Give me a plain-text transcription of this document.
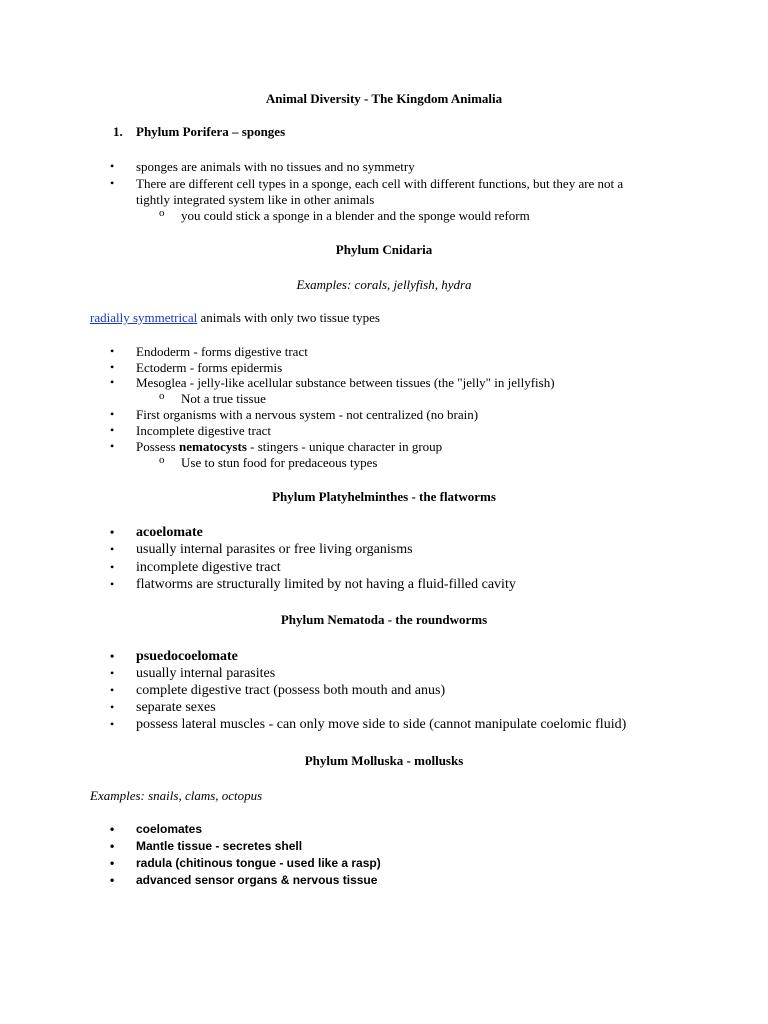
Animal Diversity - The Kingdom Animalia
1. Phylum Porifera – sponges
• sponges are animals with no tissues and no symmetry
• There are different cell types in a sponge, each cell with different functions, but they are not a
tightly integrated system like in other animals
o you could stick a sponge in a blender and the sponge would reform
Phylum Cnidaria
Examples: corals, jellyfish, hydra
radially symmetrical animals with only two tissue types
• Endoderm - forms digestive tract
• Ectoderm - forms epidermis
• Mesoglea - jelly-like acellular substance between tissues (the "jelly" in jellyfish)
o Not a true tissue
• First organisms with a nervous system - not centralized (no brain)
• Incomplete digestive tract
• Possess nematocysts - stingers - unique character in group
o Use to stun food for predaceous types
Phylum Platyhelminthes - the flatworms
• acoelomate
• usually internal parasites or free living organisms
• incomplete digestive tract
• flatworms are structurally limited by not having a fluid-filled cavity
Phylum Nematoda - the roundworms
• psuedocoelomate
• usually internal parasites
• complete digestive tract (possess both mouth and anus)
• separate sexes
• possess lateral muscles - can only move side to side (cannot manipulate coelomic fluid)
Phylum Molluska - mollusks
Examples: snails, clams, octopus
• coelomates
• Mantle tissue - secretes shell
• radula (chitinous tongue - used like a rasp)
• advanced sensor organs & nervous tissue
